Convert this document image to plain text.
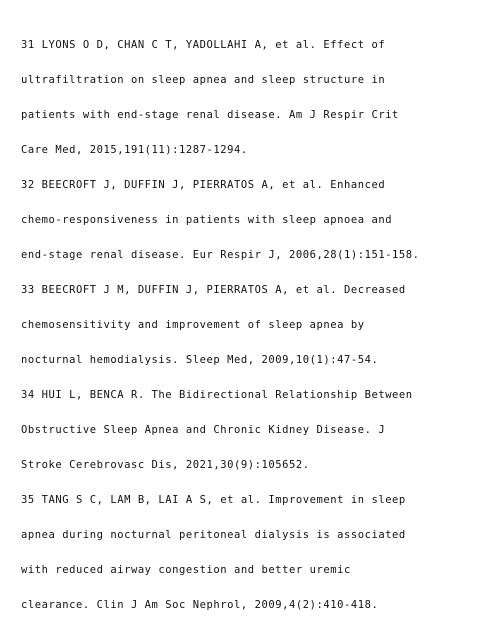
31 LYONS O D, CHAN C T, YADOLLAHI A, et al. Effect of
ultrafiltration on sleep apnea and sleep structure in
patients with end-stage renal disease. Am J Respir Crit
Care Med, 2015,191(11):1287-1294.
32 BEECROFT J, DUFFIN J, PIERRATOS A, et al. Enhanced
chemo-responsiveness in patients with sleep apnoea and
end-stage renal disease. Eur Respir J, 2006,28(1):151-158.
33 BEECROFT J M, DUFFIN J, PIERRATOS A, et al. Decreased
chemosensitivity and improvement of sleep apnea by
nocturnal hemodialysis. Sleep Med, 2009,10(1):47-54.
34 HUI L, BENCA R. The Bidirectional Relationship Between
Obstructive Sleep Apnea and Chronic Kidney Disease. J
Stroke Cerebrovasc Dis, 2021,30(9):105652.
35 TANG S C, LAM B, LAI A S, et al. Improvement in sleep
apnea during nocturnal peritoneal dialysis is associated
with reduced airway congestion and better uremic
clearance. Clin J Am Soc Nephrol, 2009,4(2):410-418.
